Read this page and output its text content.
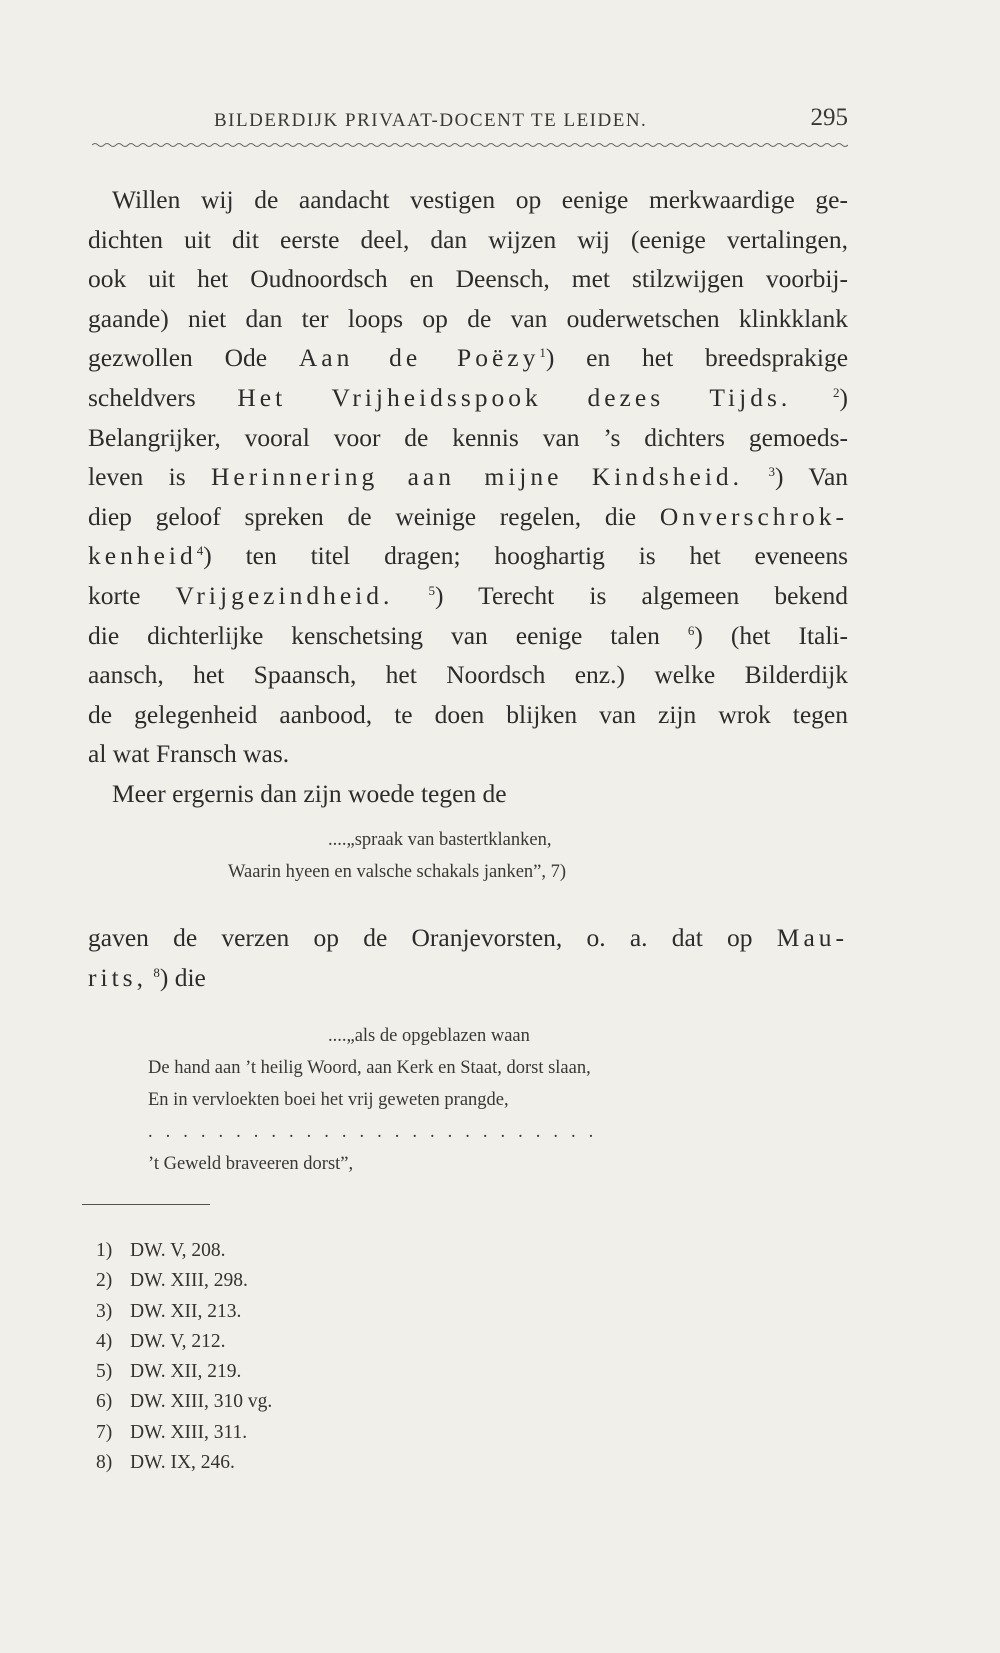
BILDERDIJK PRIVAAT-DOCENT TE LEIDEN.	295
Willen wij de aandacht vestigen op eenige merkwaardige ge-
dichten uit dit eerste deel, dan wijzen wij (eenige vertalingen,
ook uit het Oudnoordsch en Deensch, met stilzwijgen voorbij-
gaande) niet dan ter loops op de van ouderwetschen klinkklank
gezwollen Ode Aan de Poëzy$^1$) en het breedsprakige
scheldvers Het Vrijheidsspook dezes Tijds.	$^2$)
Belangrijker, vooral voor de kennis van ’s dichters gemoeds-
leven is Herinnering aan mijne Kindsheid. $^3$) Van
diep geloof spreken de weinige regelen, die Onverschrok-
kenheid$^4$) ten titel dragen; hooghartig is het eveneens
korte Vrijgezindheid.	$^5$) Terecht is algemeen bekend
die dichterlijke kenschetsing van eenige talen $^6$) (het Itali-
aansch, het Spaansch, het Noordsch enz.) welke Bilderdijk
de gelegenheid aanbood, te doen blijken van zijn wrok tegen
al wat Fransch was.
Meer ergernis dan zijn woede tegen de
....„spraak van bastertklanken,
Waarin hyeen en valsche schakals janken”, 7)
gaven de verzen op de Oranjevorsten, o. a. dat op Mau-
rits, $^8$) die
....„als de opgeblazen waan
De hand aan ’t heilig Woord, aan Kerk en Staat, dorst slaan,
En in vervloekten boei het vrij geweten prangde,
..........................
’t Geweld braveeren dorst”,
1) DW. V, 208.
2) DW. XIII, 298.
3) DW. XII, 213.
4) DW. V, 212.
5) DW. XII, 219.
6) DW. XIII, 310 vg.
7) DW. XIII, 311.
8) DW. IX, 246.
